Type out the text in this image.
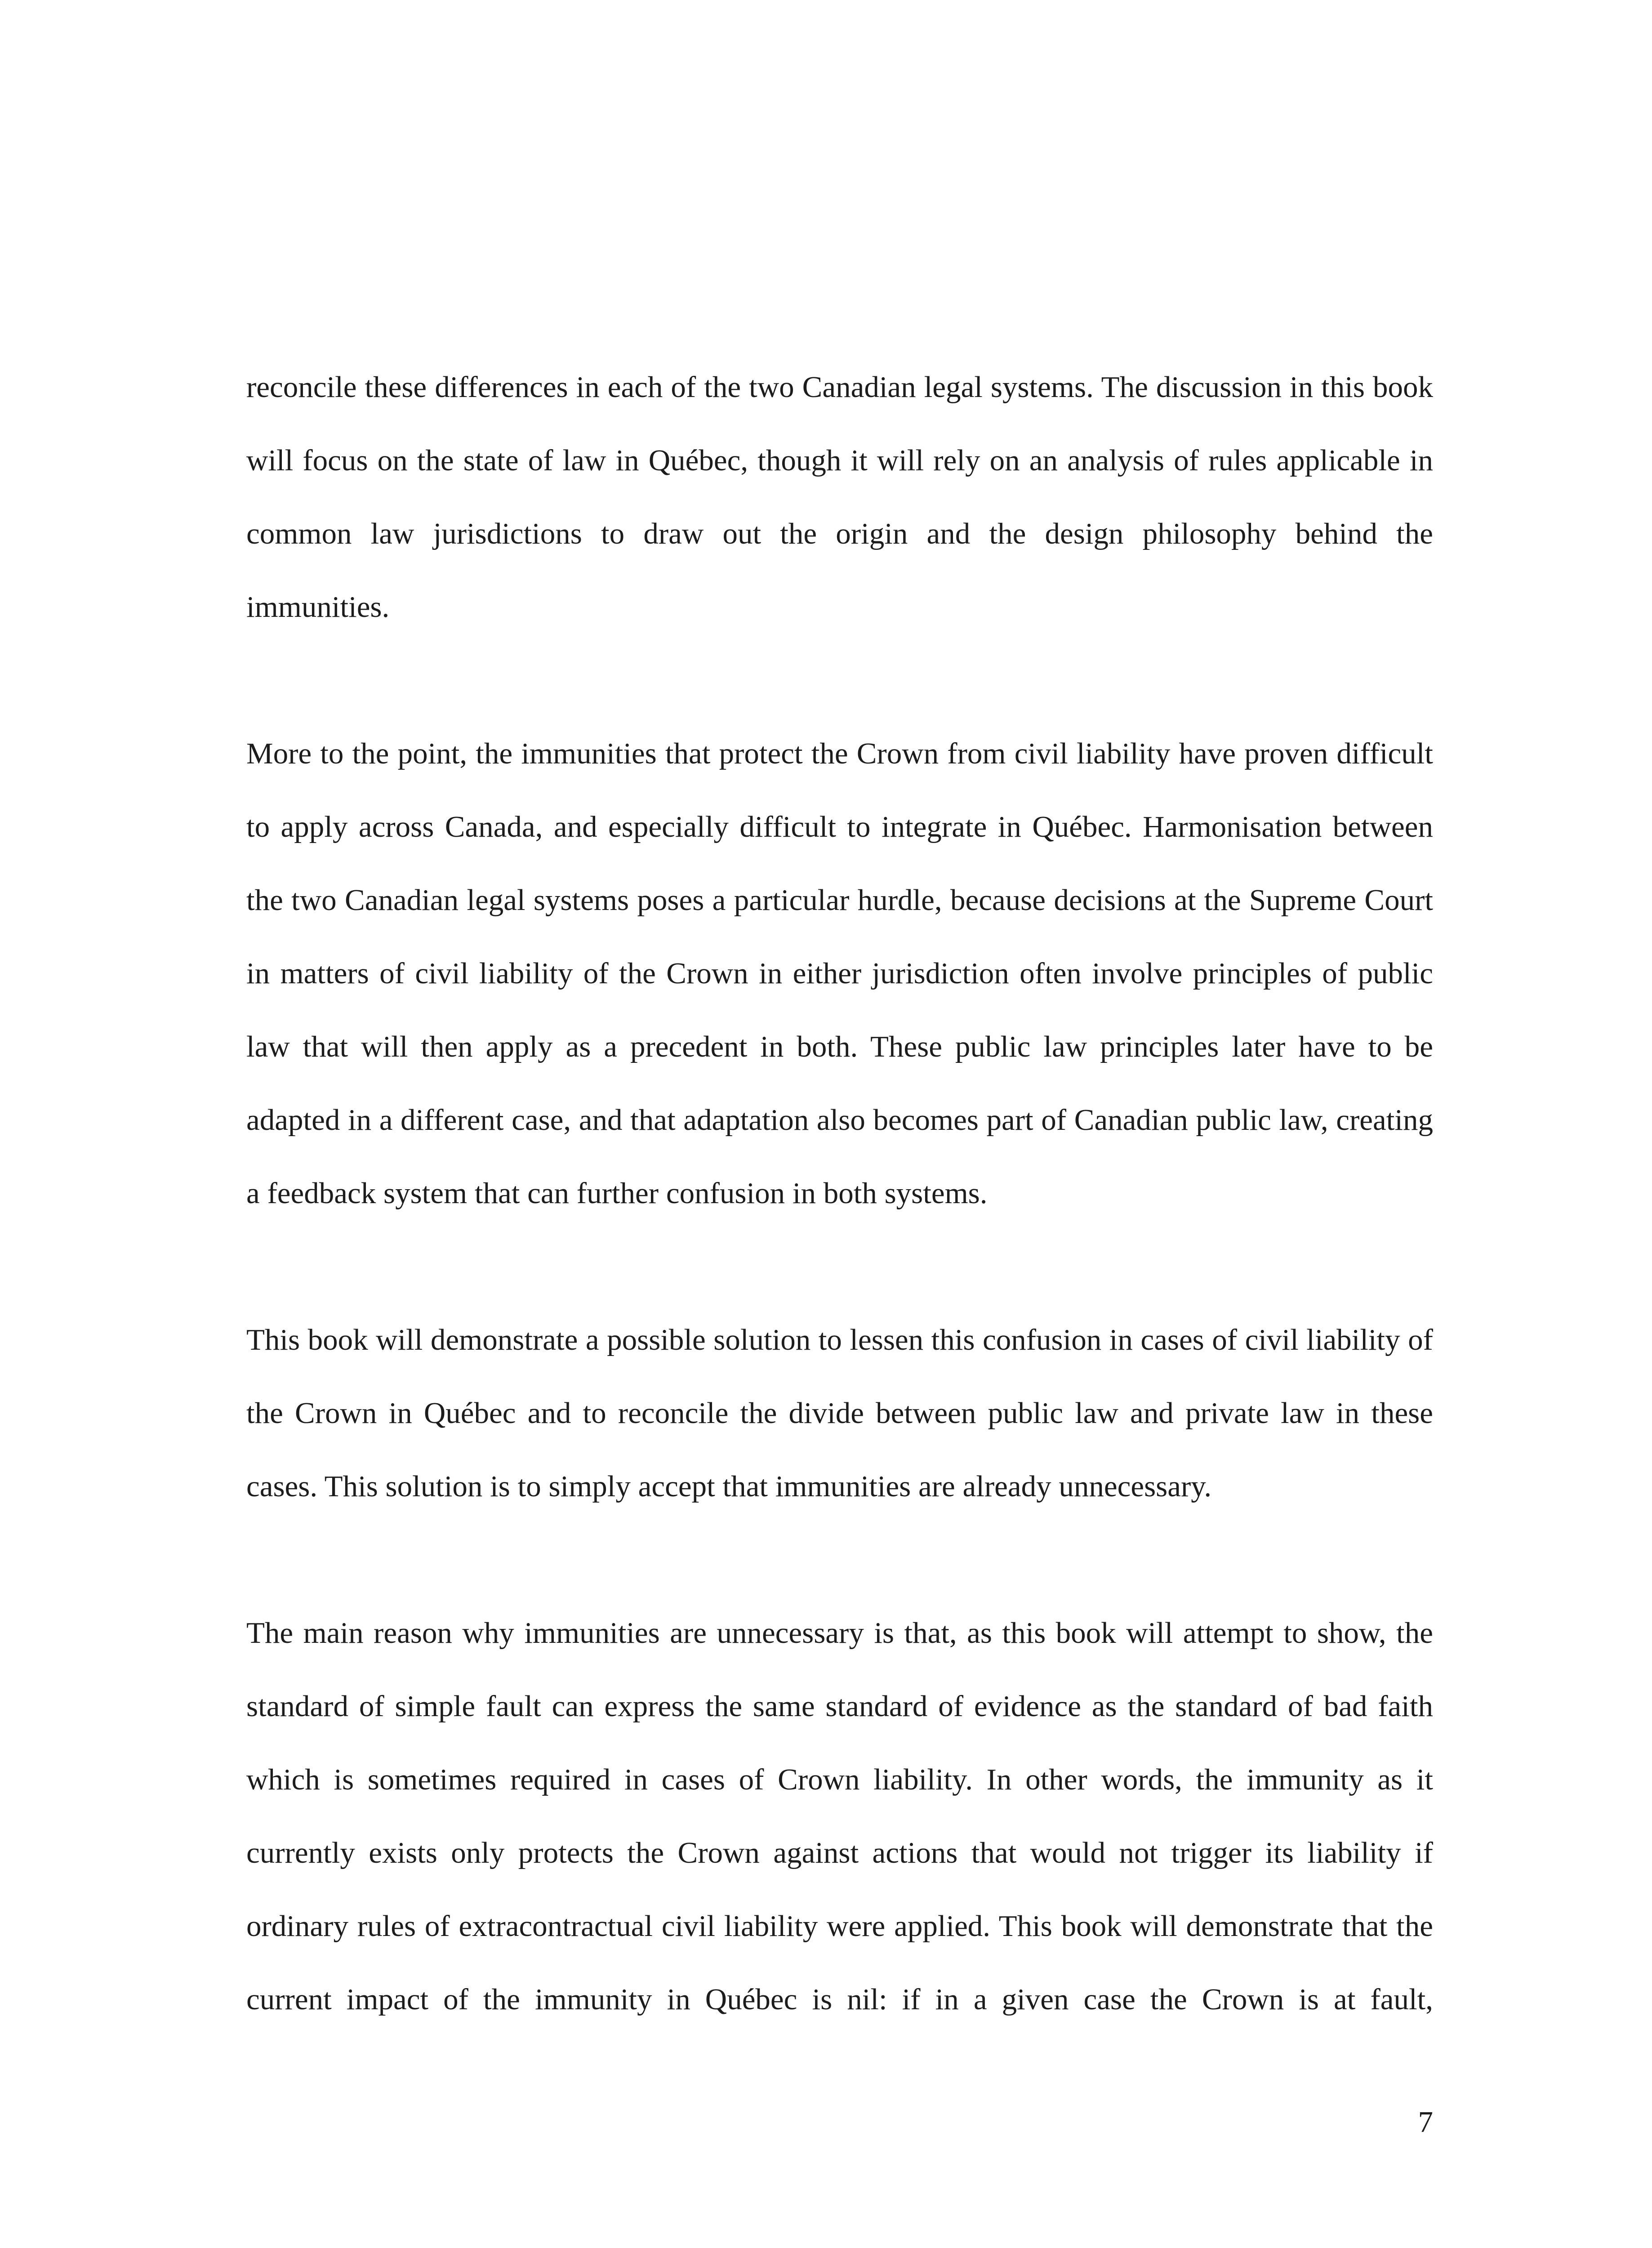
reconcile these differences in each of the two Canadian legal systems. The discussion in this book will focus on the state of law in Québec, though it will rely on an analysis of rules applicable in common law jurisdictions to draw out the origin and the design philosophy behind the immunities.

More to the point, the immunities that protect the Crown from civil liability have proven difficult to apply across Canada, and especially difficult to integrate in Québec. Harmonisation between the two Canadian legal systems poses a particular hurdle, because decisions at the Supreme Court in matters of civil liability of the Crown in either jurisdiction often involve principles of public law that will then apply as a precedent in both. These public law principles later have to be adapted in a different case, and that adaptation also becomes part of Canadian public law, creating a feedback system that can further confusion in both systems.

This book will demonstrate a possible solution to lessen this confusion in cases of civil liability of the Crown in Québec and to reconcile the divide between public law and private law in these cases. This solution is to simply accept that immunities are already unnecessary.

The main reason why immunities are unnecessary is that, as this book will attempt to show, the standard of simple fault can express the same standard of evidence as the standard of bad faith which is sometimes required in cases of Crown liability. In other words, the immunity as it currently exists only protects the Crown against actions that would not trigger its liability if ordinary rules of extracontractual civil liability were applied. This book will demonstrate that the current impact of the immunity in Québec is nil: if in a given case the Crown is at fault,

7
